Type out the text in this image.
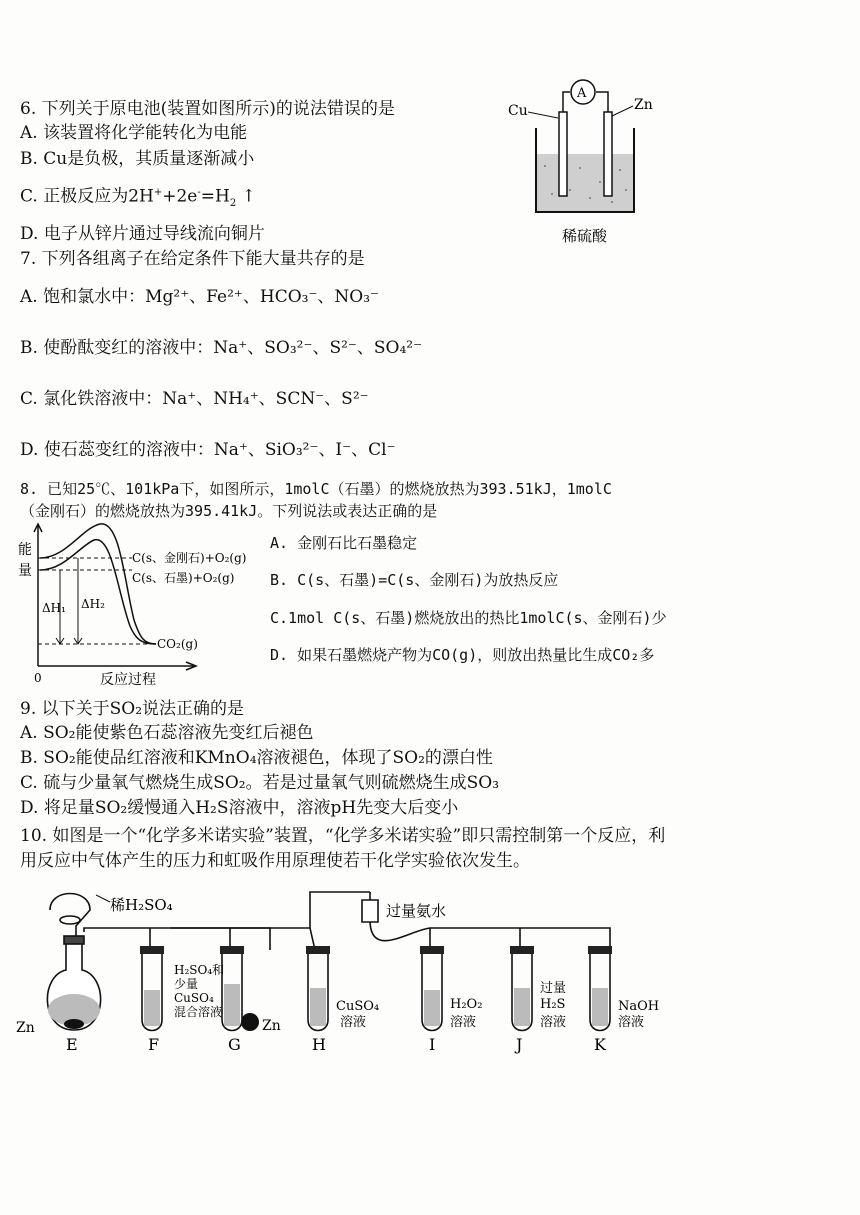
6. 下列关于原电池(装置如图所示)的说法错误的是
A. 该装置将化学能转化为电能
B. Cu是负极，其质量逐渐减小
C. 正极反应为$2H^++2e^-=H_2$ ↑
D. 电子从锌片通过导线流向铜片
A
Cu	Zn
稀硫酸
7. 下列各组离子在给定条件下能大量共存的是
A. 饱和氯水中：Mg²⁺、Fe²⁺、HCO₃⁻、NO₃⁻
B. 使酚酞变红的溶液中：Na⁺、SO₃²⁻、S²⁻、SO₄²⁻
C. 氯化铁溶液中：Na⁺、NH₄⁺、SCN⁻、S²⁻
D. 使石蕊变红的溶液中：Na⁺、SiO₃²⁻、I⁻、Cl⁻
8. 已知25℃、101kPa下，如图所示，1molC（石墨）的燃烧放热为393.51kJ，1molC
（金刚石）的燃烧放热为395.41kJ。下列说法或表达正确的是
A. 金刚石比石墨稳定
B. C(s、石墨)=C(s、金刚石)为放热反应
C.1mol C(s、石墨)燃烧放出的热比1molC(s、金刚石)少
D. 如果石墨燃烧产物为CO(g)，则放出热量比生成CO₂多
能
量
ΔH₁ ΔH₂
C(s、金刚石)+O₂(g)
C(s、石墨)+O₂(g)
CO₂(g)
0	反应过程
9. 以下关于SO₂说法正确的是
A. SO₂能使紫色石蕊溶液先变红后褪色
B. SO₂能使品红溶液和KMnO₄溶液褪色，体现了SO₂的漂白性
C. 硫与少量氧气燃烧生成SO₂。若是过量氧气则硫燃烧生成SO₃
D. 将足量SO₂缓慢通入H₂S溶液中，溶液pH先变大后变小
10. 如图是一个“化学多米诺实验”装置，“化学多米诺实验”即只需控制第一个反应，利
用反应中气体产生的压力和虹吸作用原理使若干化学实验依次发生。
稀H₂SO₄	过量氨水
H₂SO₄和
少量
CuSO₄
混合溶液
Zn	Zn
CuSO₄
溶液
H₂O₂
溶液
过量
H₂S
溶液
NaOH
溶液
E	F	G	H	I	J	K
